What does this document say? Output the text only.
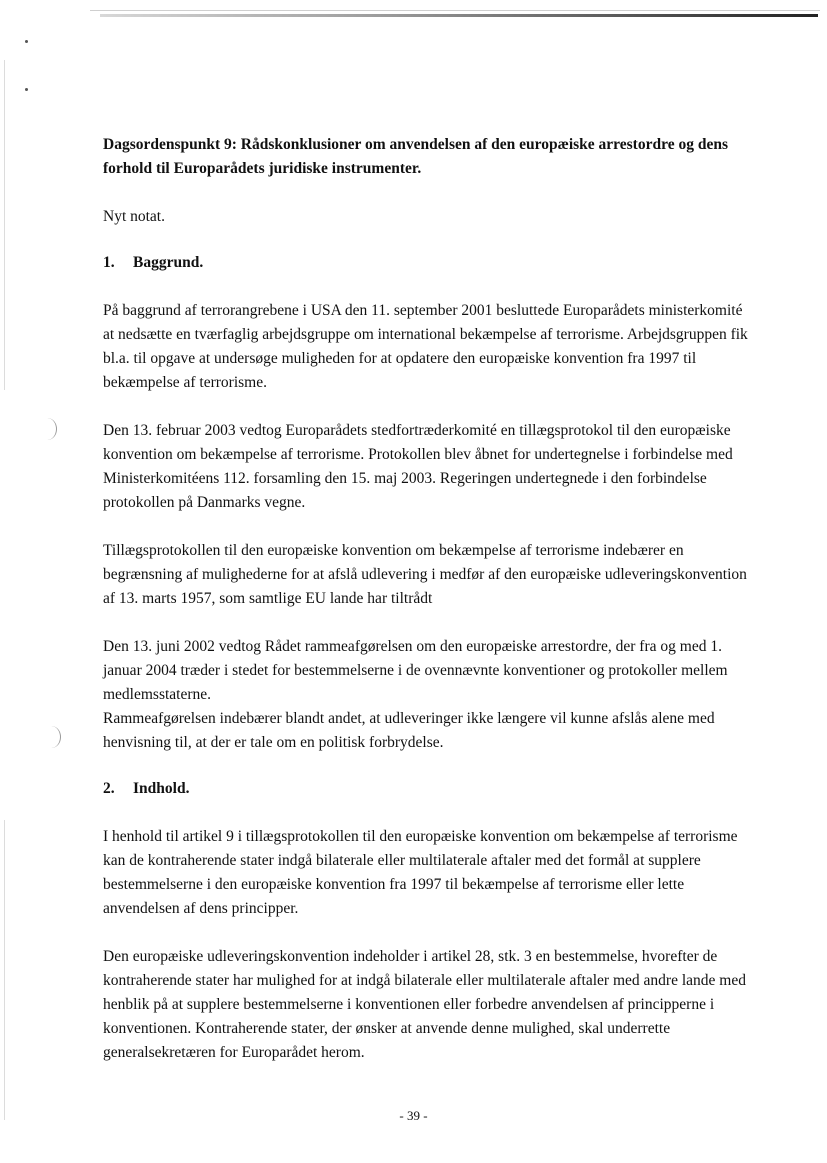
Dagsordenspunkt 9: Rådskonklusioner om anvendelsen af den europæiske arrestordre og dens forhold til Europarådets juridiske instrumenter.

Nyt notat.

1.	Baggrund.

På baggrund af terrorangrebene i USA den 11. september 2001 besluttede Europarådets ministerkomité at nedsætte en tværfaglig arbejdsgruppe om international bekæmpelse af terrorisme. Arbejdsgruppen fik bl.a. til opgave at undersøge muligheden for at opdatere den europæiske konvention fra 1997 til bekæmpelse af terrorisme.

Den 13. februar 2003 vedtog Europarådets stedfortræderkomité en tillægsprotokol til den europæiske konvention om bekæmpelse af terrorisme. Protokollen blev åbnet for undertegnelse i forbindelse med Ministerkomitéens 112. forsamling den 15. maj 2003. Regeringen undertegnede i den forbindelse protokollen på Danmarks vegne.

Tillægsprotokollen til den europæiske konvention om bekæmpelse af terrorisme indebærer en begrænsning af mulighederne for at afslå udlevering i medfør af den europæiske udleveringskonvention af 13. marts 1957, som samtlige EU lande har tiltrådt

Den 13. juni 2002 vedtog Rådet rammeafgørelsen om den europæiske arrestordre, der fra og med 1. januar 2004 træder i stedet for bestemmelserne i de ovennævnte konventioner og protokoller mellem medlemsstaterne.

Rammeafgørelsen indebærer blandt andet, at udleveringer ikke længere vil kunne afslås alene med henvisning til, at der er tale om en politisk forbrydelse.

2.	Indhold.

I henhold til artikel 9 i tillægsprotokollen til den europæiske konvention om bekæmpelse af terrorisme kan de kontraherende stater indgå bilaterale eller multilaterale aftaler med det formål at supplere bestemmelserne i den europæiske konvention fra 1997 til bekæmpelse af terrorisme eller lette anvendelsen af dens principper.

Den europæiske udleveringskonvention indeholder i artikel 28, stk. 3 en bestemmelse, hvorefter de kontraherende stater har mulighed for at indgå bilaterale eller multilaterale aftaler med andre lande med henblik på at supplere bestemmelserne i konventionen eller forbedre anvendelsen af principperne i konventionen. Kontraherende stater, der ønsker at anvende denne mulighed, skal underrette generalsekretæren for Europarådet herom.

- 39 -
